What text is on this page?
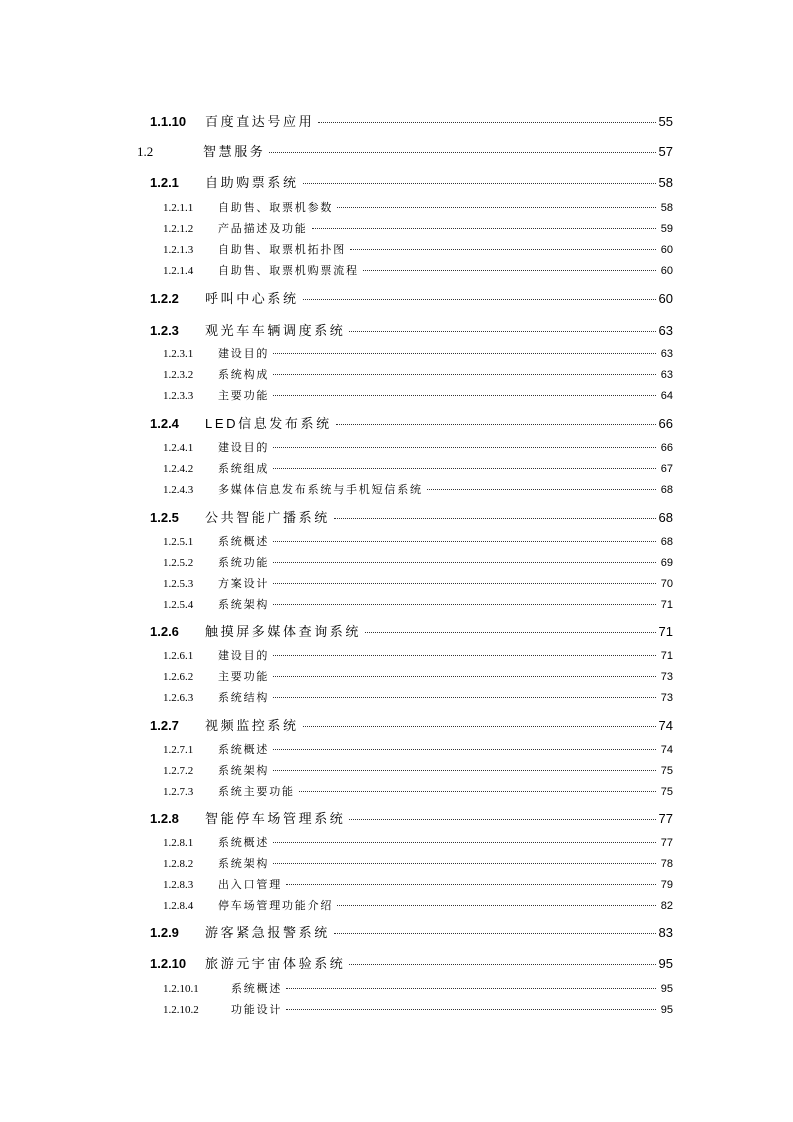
1.1.10	百度直达号应用	55
1.2	智慧服务	57
1.2.1	自助购票系统	58
1.2.1.1	自助售、取票机参数	58
1.2.1.2	产品描述及功能	59
1.2.1.3	自助售、取票机拓扑图	60
1.2.1.4	自助售、取票机购票流程	60
1.2.2	呼叫中心系统	60
1.2.3	观光车车辆调度系统	63
1.2.3.1	建设目的	63
1.2.3.2	系统构成	63
1.2.3.3	主要功能	64
1.2.4	LED信息发布系统	66
1.2.4.1	建设目的	66
1.2.4.2	系统组成	67
1.2.4.3	多媒体信息发布系统与手机短信系统	68
1.2.5	公共智能广播系统	68
1.2.5.1	系统概述	68
1.2.5.2	系统功能	69
1.2.5.3	方案设计	70
1.2.5.4	系统架构	71
1.2.6	触摸屏多媒体查询系统	71
1.2.6.1	建设目的	71
1.2.6.2	主要功能	73
1.2.6.3	系统结构	73
1.2.7	视频监控系统	74
1.2.7.1	系统概述	74
1.2.7.2	系统架构	75
1.2.7.3	系统主要功能	75
1.2.8	智能停车场管理系统	77
1.2.8.1	系统概述	77
1.2.8.2	系统架构	78
1.2.8.3	出入口管理	79
1.2.8.4	停车场管理功能介绍	82
1.2.9	游客紧急报警系统	83
1.2.10	旅游元宇宙体验系统	95
1.2.10.1	系统概述	95
1.2.10.2	功能设计	95
